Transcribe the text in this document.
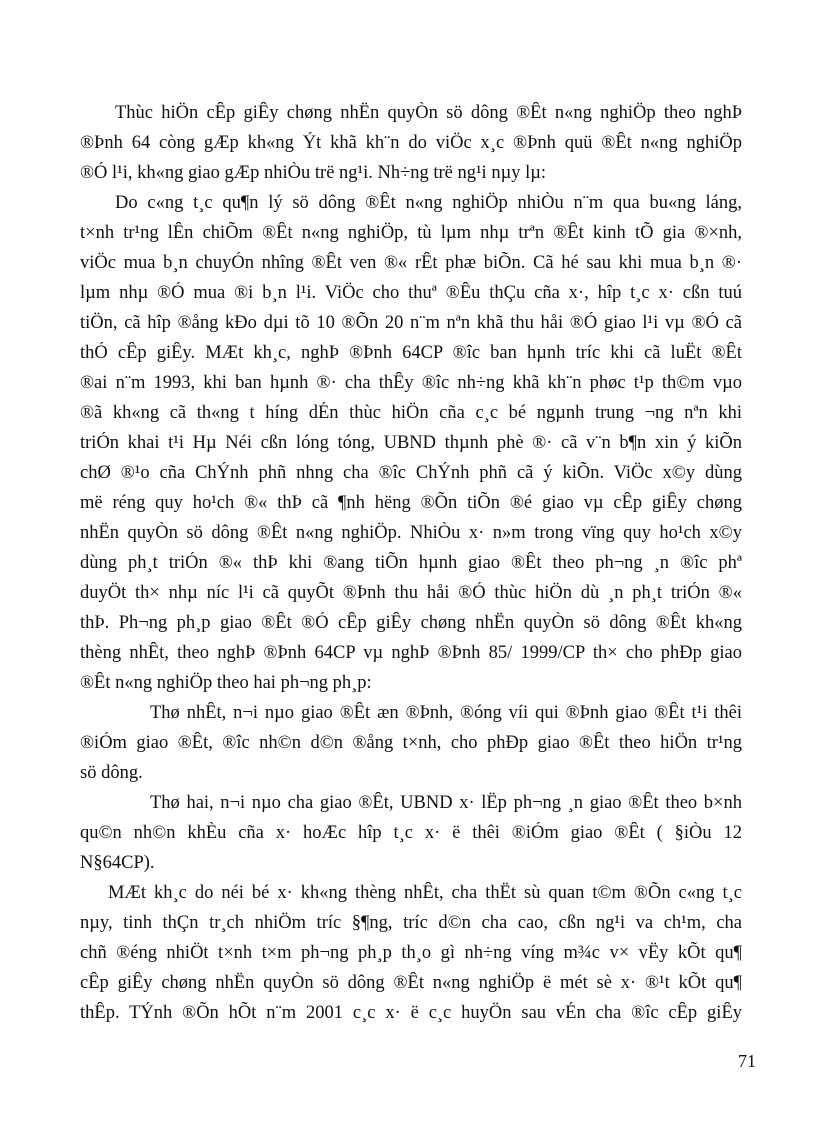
Thùc hiÖn cÊp giÊy chøng nhËn quyÒn sö dông ®Êt n«ng nghiÖp theo nghÞ
®Þnh 64 còng gÆp kh«ng Ýt khã kh¨n do viÖc x¸c ®Þnh quü ®Êt n«ng nghiÖp
®Ó l¹i, kh«ng giao gÆp nhiÒu trë ng¹i. Nh÷ng trë ng¹i nµy lµ:
Do c«ng t¸c qu¶n lý sö dông ®Êt n«ng nghiÖp nhiÒu n¨m qua bu«ng láng,
t×nh tr¹ng lÊn chiÕm ®Êt n«ng nghiÖp, tù lµm nhµ trªn ®Êt kinh tÕ gia ®×nh,
viÖc mua b¸n chuyÓn nhîng ®Êt ven ®« rÊt phæ biÕn. Cã hé sau khi mua b¸n ®·
lµm nhµ ®Ó mua ®i b¸n l¹i. ViÖc cho thuª ®Êu thÇu cña x·, hîp t¸c x· cßn tuú
tiÖn, cã hîp ®ång kÐo dµi tõ 10 ®Õn 20 n¨m nªn khã thu håi ®Ó giao l¹i vµ ®Ó cã
thÓ cÊp giÊy. MÆt kh¸c, nghÞ ®Þnh 64CP ®îc ban hµnh tríc khi cã luËt ®Êt
®ai n¨m 1993, khi ban hµnh ®· cha thÊy ®îc nh÷ng khã kh¨n phøc t¹p th©m vµo
®ã kh«ng cã th«ng t híng dÉn thùc hiÖn cña c¸c bé ngµnh trung ¬ng nªn khi
triÓn khai t¹i Hµ Néi cßn lóng tóng, UBND thµnh phè ®· cã v¨n b¶n xin ý kiÕn
chØ ®¹o cña ChÝnh phñ nhng cha ®îc ChÝnh phñ cã ý kiÕn. ViÖc x©y dùng
më réng quy ho¹ch ®« thÞ cã ¶nh hëng ®Õn tiÕn ®é giao vµ cÊp giÊy chøng
nhËn quyÒn sö dông ®Êt n«ng nghiÖp. NhiÒu x· n»m trong vïng quy ho¹ch x©y
dùng ph¸t triÓn ®« thÞ khi ®ang tiÕn hµnh giao ®Êt theo ph¬ng ¸n ®îc phª
duyÖt th× nhµ níc l¹i cã quyÕt ®Þnh thu håi ®Ó thùc hiÖn dù ¸n ph¸t triÓn ®«
thÞ. Ph¬ng ph¸p giao ®Êt ®Ó cÊp giÊy chøng nhËn quyÒn sö dông ®Êt kh«ng
thèng nhÊt, theo nghÞ ®Þnh 64CP vµ nghÞ ®Þnh 85/ 1999/CP th× cho phÐp giao
®Êt n«ng nghiÖp theo hai ph¬ng ph¸p:
Thø nhÊt, n¬i nµo giao ®Êt æn ®Þnh, ®óng víi qui ®Þnh giao ®Êt t¹i thêi
®iÓm giao ®Êt, ®îc nh©n d©n ®ång t×nh, cho phÐp giao ®Êt theo hiÖn tr¹ng
sö dông.
Thø hai, n¬i nµo cha giao ®Êt, UBND x· lËp ph¬ng ¸n giao ®Êt theo b×nh
qu©n nh©n khÈu cña x· hoÆc hîp t¸c x· ë thêi ®iÓm giao ®Êt ( §iÒu 12
N§64CP).
MÆt kh¸c do néi bé x· kh«ng thèng nhÊt, cha thËt sù quan t©m ®Õn c«ng t¸c
nµy, tinh thÇn tr¸ch nhiÖm tríc §¶ng, tríc d©n cha cao, cßn ng¹i va ch¹m, cha
chñ ®éng nhiÖt t×nh t×m ph¬ng ph¸p th¸o gì nh÷ng víng m¾c v× vËy kÕt qu¶
cÊp giÊy chøng nhËn quyÒn sö dông ®Êt n«ng nghiÖp ë mét sè x· ®¹t kÕt qu¶
thÊp. TÝnh ®Õn hÕt n¨m 2001 c¸c x· ë c¸c huyÖn sau vÉn cha ®îc cÊp giÊy
71
